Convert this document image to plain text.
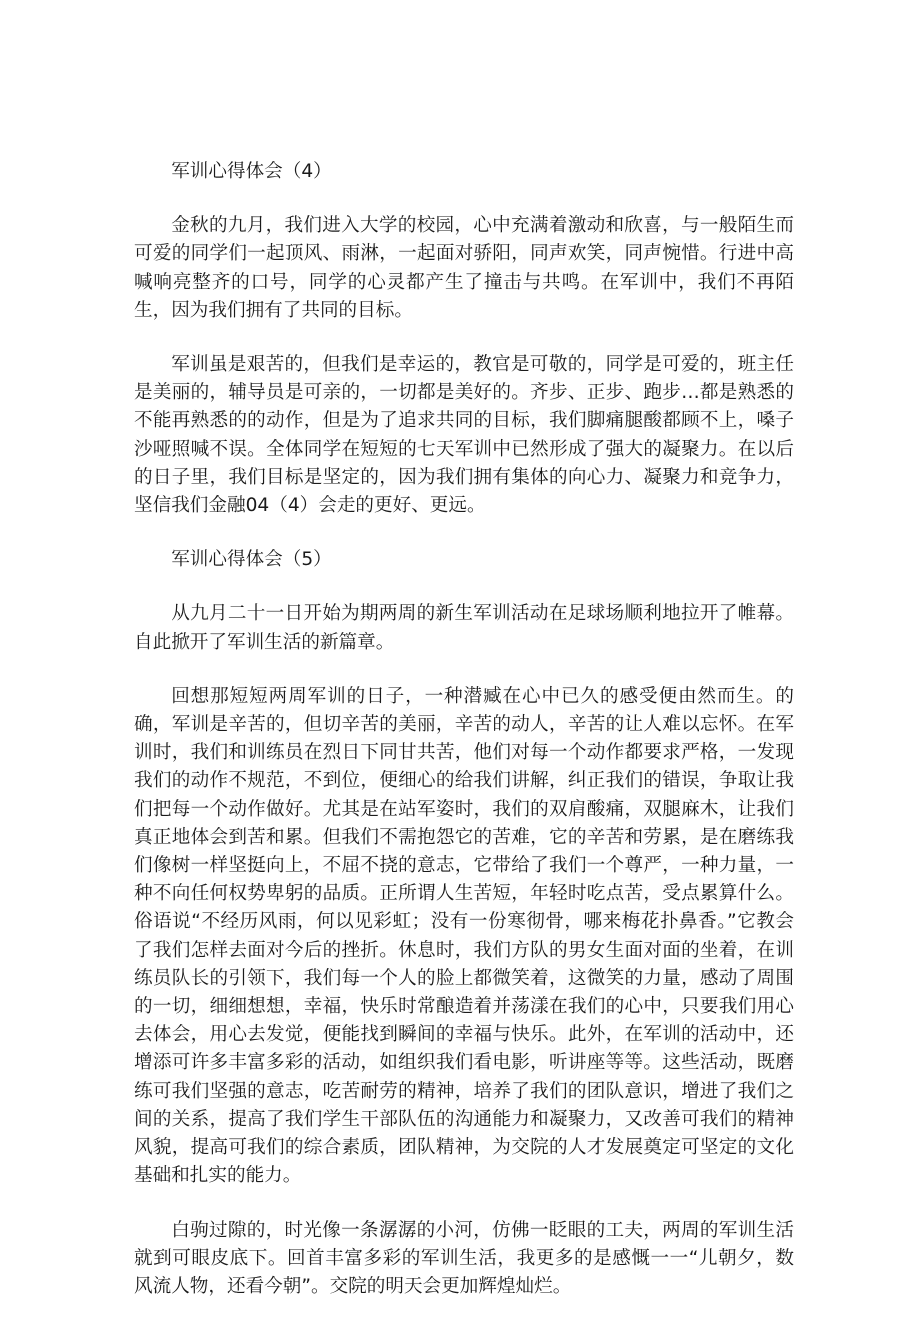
军训心得体会（4）

金秋的九月，我们进入大学的校园，心中充满着激动和欣喜，与一般陌生而可爱的同学们一起顶风、雨淋，一起面对骄阳，同声欢笑，同声惋惜。行进中高喊响亮整齐的口号，同学的心灵都产生了撞击与共鸣。在军训中，我们不再陌生，因为我们拥有了共同的目标。

军训虽是艰苦的，但我们是幸运的，教官是可敬的，同学是可爱的，班主任是美丽的，辅导员是可亲的，一切都是美好的。齐步、正步、跑步…都是熟悉的不能再熟悉的的动作，但是为了追求共同的目标，我们脚痛腿酸都顾不上，嗓子沙哑照喊不误。全体同学在短短的七天军训中已然形成了强大的凝聚力。在以后的日子里，我们目标是坚定的，因为我们拥有集体的向心力、凝聚力和竞争力，坚信我们金融04（4）会走的更好、更远。

军训心得体会（5）

从九月二十一日开始为期两周的新生军训活动在足球场顺利地拉开了帷幕。自此掀开了军训生活的新篇章。

回想那短短两周军训的日子，一种潜臧在心中已久的感受便由然而生。的确，军训是辛苦的，但切辛苦的美丽，辛苦的动人，辛苦的让人难以忘怀。在军训时，我们和训练员在烈日下同甘共苦，他们对每一个动作都要求严格，一发现我们的动作不规范，不到位，便细心的给我们讲解，纠正我们的错误，争取让我们把每一个动作做好。尤其是在站军姿时，我们的双肩酸痛，双腿麻木，让我们真正地体会到苦和累。但我们不需抱怨它的苦难，它的辛苦和劳累，是在磨练我们像树一样坚挺向上，不屈不挠的意志，它带给了我们一个尊严，一种力量，一种不向任何权势卑躬的品质。正所谓人生苦短，年轻时吃点苦，受点累算什么。俗语说“不经历风雨，何以见彩虹；没有一份寒彻骨，哪来梅花扑鼻香。”它教会了我们怎样去面对今后的挫折。休息时，我们方队的男女生面对面的坐着，在训练员队长的引领下，我们每一个人的脸上都微笑着，这微笑的力量，感动了周围的一切，细细想想，幸福，快乐时常酿造着并荡漾在我们的心中，只要我们用心去体会，用心去发觉，便能找到瞬间的幸福与快乐。此外，在军训的活动中，还增添可许多丰富多彩的活动，如组织我们看电影，听讲座等等。这些活动，既磨练可我们坚强的意志，吃苦耐劳的精神，培养了我们的团队意识，增进了我们之间的关系，提高了我们学生干部队伍的沟通能力和凝聚力，又改善可我们的精神风貌，提高可我们的综合素质，团队精神，为交院的人才发展奠定可坚定的文化基础和扎实的能力。

白驹过隙的，时光像一条潺潺的小河，仿佛一眨眼的工夫，两周的军训生活就到可眼皮底下。回首丰富多彩的军训生活，我更多的是感慨一一“儿朝夕，数风流人物，还看今朝”。交院的明天会更加辉煌灿烂。
